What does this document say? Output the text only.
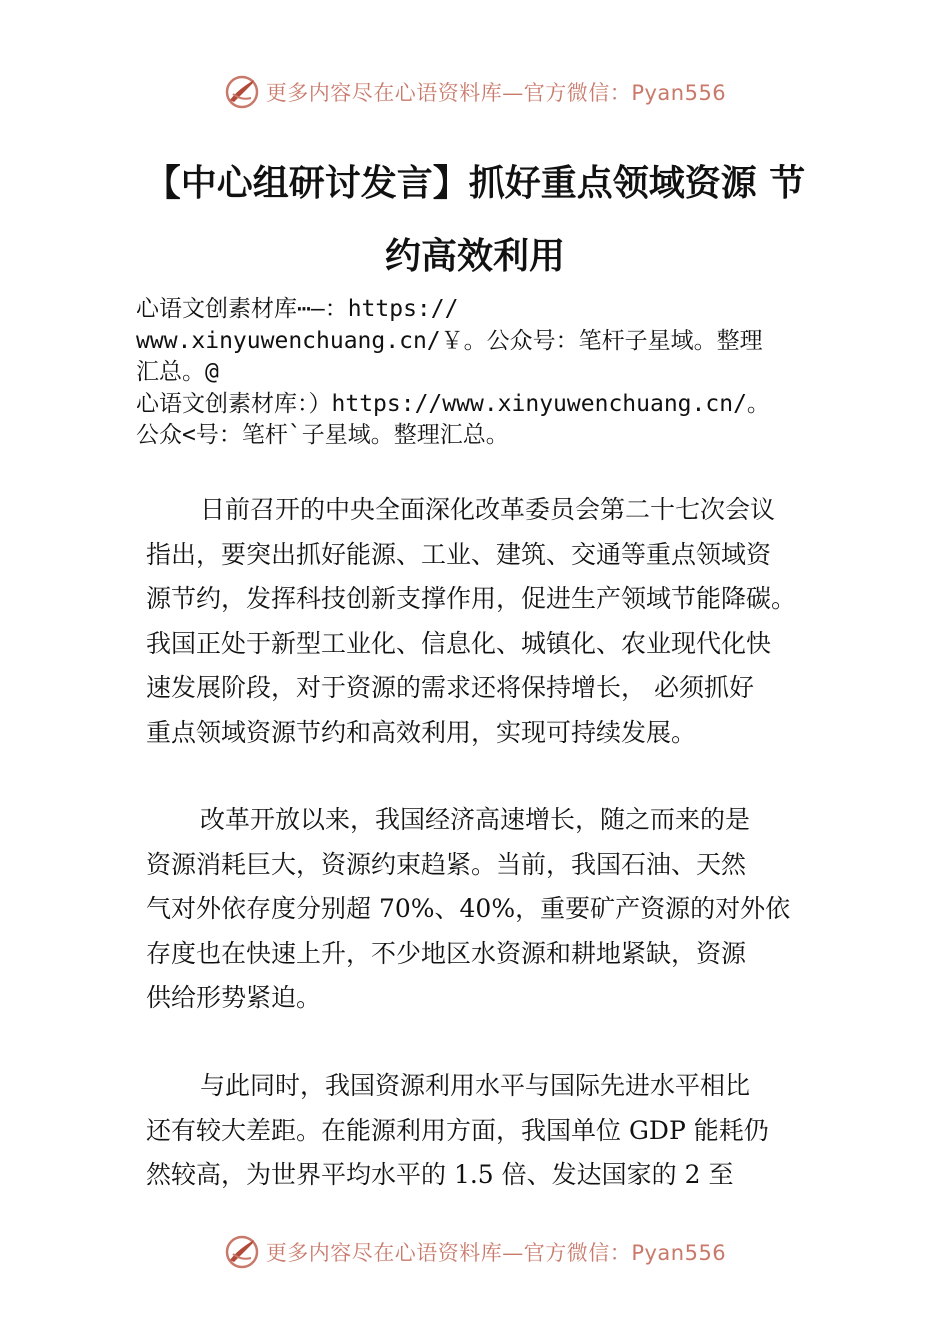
更多内容尽在心语资料库—官方微信：Pyan556
【中心组研讨发言】抓好重点领域资源 节
约高效利用
心语文创素材库⋯—：https://
www.xinyuwenchuang.cn/￥。公众号：笔杆子星域。整理
汇总。@
心语文创素材库：）https://www.xinyuwenchuang.cn/。
公众<号：笔杆`子星域。整理汇总。
日前召开的中央全面深化改革委员会第二十七次会议
指出，要突出抓好能源、工业、建筑、交通等重点领域资
源节约，发挥科技创新支撑作用，促进生产领域节能降碳。
我国正处于新型工业化、信息化、城镇化、农业现代化快
速发展阶段，对于资源的需求还将保持增长， 必须抓好
重点领域资源节约和高效利用，实现可持续发展。
改革开放以来，我国经济高速增长，随之而来的是
资源消耗巨大，资源约束趋紧。当前，我国石油、天然
气对外依存度分别超 70%、40%，重要矿产资源的对外依
存度也在快速上升，不少地区水资源和耕地紧缺，资源
供给形势紧迫。
与此同时，我国资源利用水平与国际先进水平相比
还有较大差距。在能源利用方面，我国单位 GDP 能耗仍
然较高，为世界平均水平的 1.5 倍、发达国家的 2 至
更多内容尽在心语资料库—官方微信：Pyan556
